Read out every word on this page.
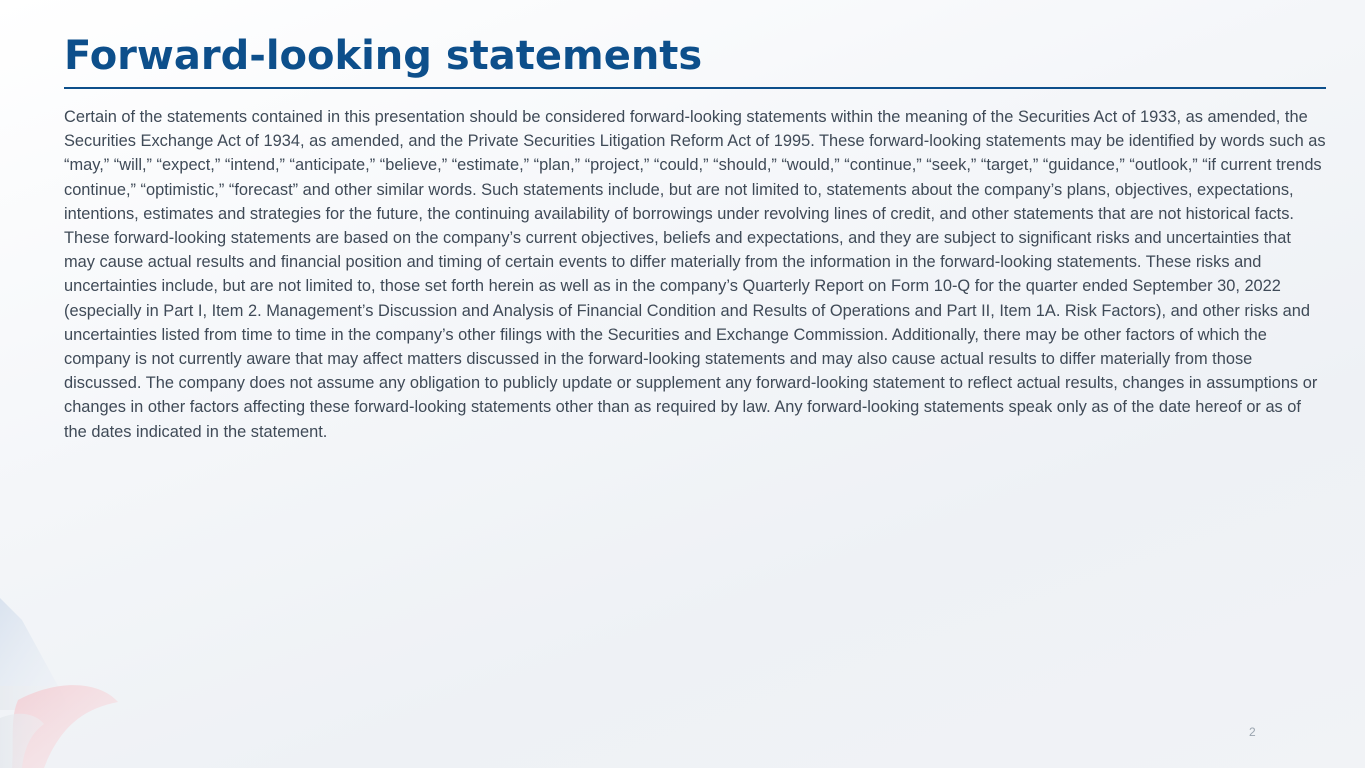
Forward-looking statements

Certain of the statements contained in this presentation should be considered forward-looking statements within the meaning of the Securities Act of 1933, as amended, the Securities Exchange Act of 1934, as amended, and the Private Securities Litigation Reform Act of 1995. These forward-looking statements may be identified by words such as “may,” “will,” “expect,” “intend,” “anticipate,” “believe,” “estimate,” “plan,” “project,” “could,” “should,” “would,” “continue,” “seek,” “target,” “guidance,” “outlook,” “if current trends continue,” “optimistic,” “forecast” and other similar words. Such statements include, but are not limited to, statements about the company’s plans, objectives, expectations, intentions, estimates and strategies for the future, the continuing availability of borrowings under revolving lines of credit, and other statements that are not historical facts. These forward-looking statements are based on the company’s current objectives, beliefs and expectations, and they are subject to significant risks and uncertainties that may cause actual results and financial position and timing of certain events to differ materially from the information in the forward-looking statements. These risks and uncertainties include, but are not limited to, those set forth herein as well as in the company’s Quarterly Report on Form 10-Q for the quarter ended September 30, 2022 (especially in Part I, Item 2. Management’s Discussion and Analysis of Financial Condition and Results of Operations and Part II, Item 1A. Risk Factors), and other risks and uncertainties listed from time to time in the company’s other filings with the Securities and Exchange Commission. Additionally, there may be other factors of which the company is not currently aware that may affect matters discussed in the forward-looking statements and may also cause actual results to differ materially from those discussed. The company does not assume any obligation to publicly update or supplement any forward-looking statement to reflect actual results, changes in assumptions or changes in other factors affecting these forward-looking statements other than as required by law. Any forward-looking statements speak only as of the date hereof or as of the dates indicated in the statement.

2
